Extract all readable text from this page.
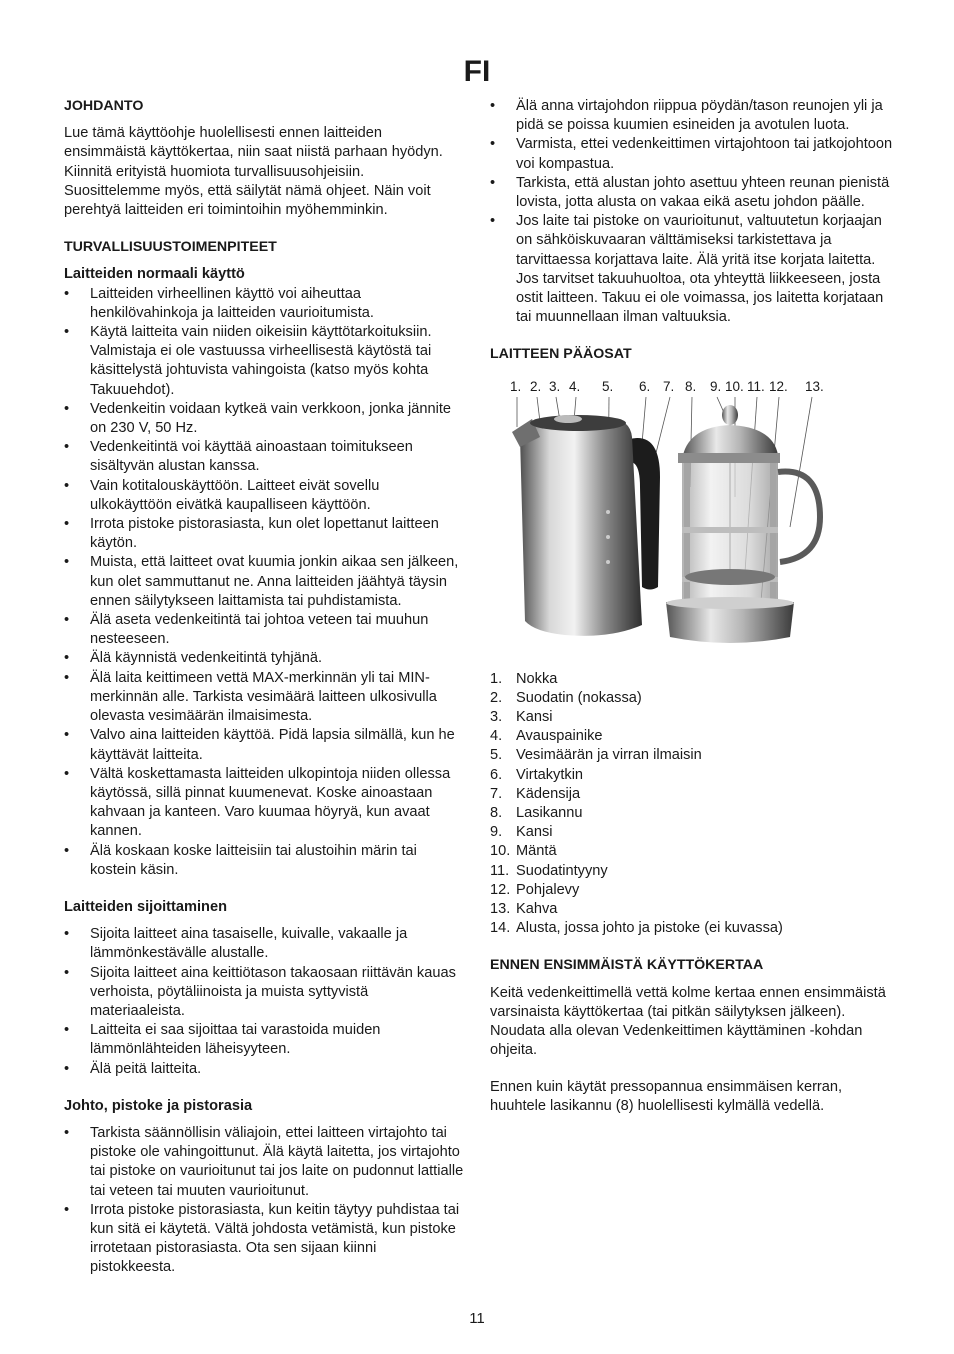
FI
JOHDANTO

Lue tämä käyttöohje huolellisesti ennen laitteiden ensimmäistä käyttökertaa, niin saat niistä parhaan hyödyn. Kiinnitä erityistä huomiota turvallisuusohjeisiin. Suosittelemme myös, että säilytät nämä ohjeet. Näin voit perehtyä laitteiden eri toimintoihin myöhemminkin.

TURVALLISUUSTOIMENPITEET
Laitteiden normaali käyttö
• Laitteiden virheellinen käyttö voi aiheuttaa henkilövahinkoja ja laitteiden vaurioitumista.
• Käytä laitteita vain niiden oikeisiin käyttötarkoituksiin. Valmistaja ei ole vastuussa virheellisestä käytöstä tai käsittelystä johtuvista vahingoista (katso myös kohta Takuuehdot).
• Vedenkeitin voidaan kytkeä vain verkkoon, jonka jännite on 230 V, 50 Hz.
• Vedenkeitintä voi käyttää ainoastaan toimitukseen sisältyvän alustan kanssa.
• Vain kotitalouskäyttöön. Laitteet eivät sovellu ulkokäyttöön eivätkä kaupalliseen käyttöön.
• Irrota pistoke pistorasiasta, kun olet lopettanut laitteen käytön.
• Muista, että laitteet ovat kuumia jonkin aikaa sen jälkeen, kun olet sammuttanut ne. Anna laitteiden jäähtyä täysin ennen säilytykseen laittamista tai puhdistamista.
• Älä aseta vedenkeitintä tai johtoa veteen tai muuhun nesteeseen.
• Älä käynnistä vedenkeitintä tyhjänä.
• Älä laita keittimeen vettä MAX-merkinnän yli tai MIN-merkinnän alle. Tarkista vesimäärä laitteen ulkosivulla olevasta vesimäärän ilmaisimesta.
• Valvo aina laitteiden käyttöä. Pidä lapsia silmällä, kun he käyttävät laitteita.
• Vältä koskettamasta laitteiden ulkopintoja niiden ollessa käytössä, sillä pinnat kuumenevat. Koske ainoastaan kahvaan ja kanteen. Varo kuumaa höyryä, kun avaat kannen.
• Älä koskaan koske laitteisiin tai alustoihin märin tai kostein käsin.
Laitteiden sijoittaminen
• Sijoita laitteet aina tasaiselle, kuivalle, vakaalle ja lämmönkestävälle alustalle.
• Sijoita laitteet aina keittiötason takaosaan riittävän kauas verhoista, pöytäliinoista ja muista syttyvistä materiaaleista.
• Laitteita ei saa sijoittaa tai varastoida muiden lämmönlähteiden läheisyyteen.
• Älä peitä laitteita.
Johto, pistoke ja pistorasia
• Tarkista säännöllisin väliajoin, ettei laitteen virtajohto tai pistoke ole vahingoittunut. Älä käytä laitetta, jos virtajohto tai pistoke on vaurioitunut tai jos laite on pudonnut lattialle tai veteen tai muuten vaurioitunut.
• Irrota pistoke pistorasiasta, kun keitin täytyy puhdistaa tai kun sitä ei käytetä. Vältä johdosta vetämistä, kun pistoke irrotetaan pistorasiasta. Ota sen sijaan kiinni pistokkeesta.
• Älä anna virtajohdon riippua pöydän/tason reunojen yli ja pidä se poissa kuumien esineiden ja avotulen luota.
• Varmista, ettei vedenkeittimen virtajohtoon tai jatkojohtoon voi kompastua.
• Tarkista, että alustan johto asettuu yhteen reunan pienistä lovista, jotta alusta on vakaa eikä asetu johdon päälle.
• Jos laite tai pistoke on vaurioitunut, valtuutetun korjaajan on sähköiskuvaaran välttämiseksi tarkistettava ja tarvittaessa korjattava laite. Älä yritä itse korjata laitetta. Jos tarvitset takuuhuoltoa, ota yhteyttä liikkeeseen, josta ostit laitteen. Takuu ei ole voimassa, jos laitetta korjataan tai muunnellaan ilman valtuuksia.
LAITTEEN PÄÄOSAT
1. 2. 3. 4. 5. 6. 7. 8. 9. 10. 11. 12. 13.
1. Nokka
2. Suodatin (nokassa)
3. Kansi
4. Avauspainike
5. Vesimäärän ja virran ilmaisin
6. Virtakytkin
7. Kädensija
8. Lasikannu
9. Kansi
10. Mäntä
11. Suodatintyyny
12. Pohjalevy
13. Kahva
14. Alusta, jossa johto ja pistoke (ei kuvassa)
ENNEN ENSIMMÄISTÄ KÄYTTÖKERTAA

Keitä vedenkeittimellä vettä kolme kertaa ennen ensimmäistä varsinaista käyttökertaa (tai pitkän säilytyksen jälkeen). Noudata alla olevan Vedenkeittimen käyttäminen -kohdan ohjeita.

Ennen kuin käytät pressopannua ensimmäisen kerran, huuhtele lasikannu (8) huolellisesti kylmällä vedellä.

11
